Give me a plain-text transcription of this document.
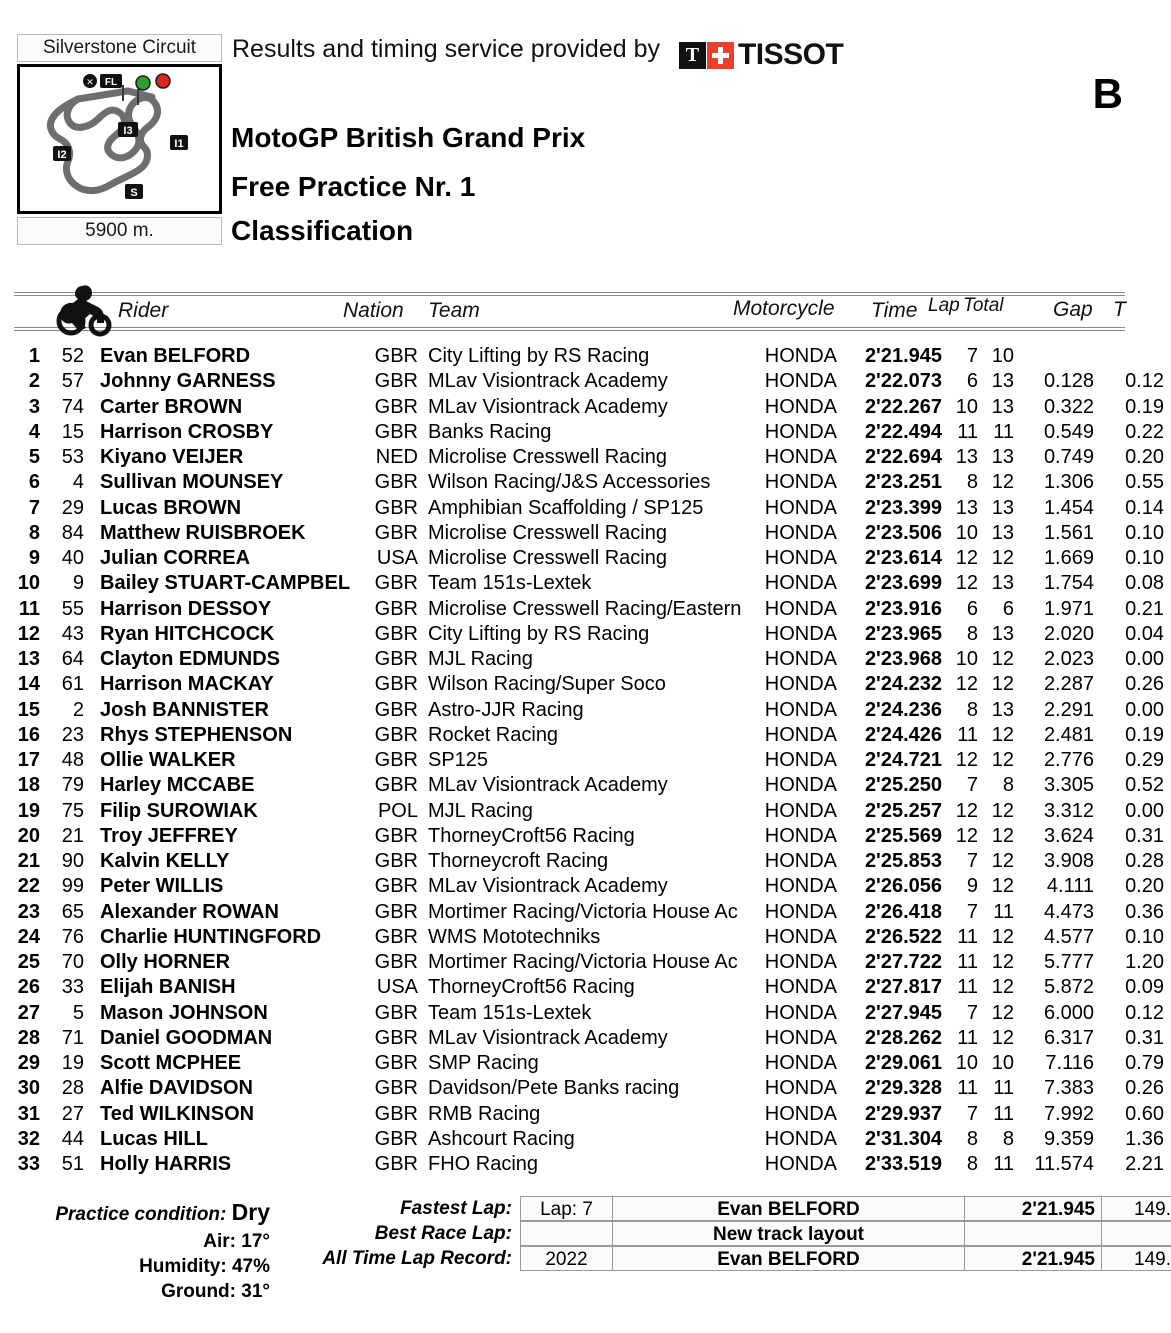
Silverstone Circuit
✕ FL
I3
I1
I2
S
5900 m.
Results and timing service provided by T TISSOT
MotoGP British Grand Prix
Free Practice Nr. 1
Classification
B
Rider	Nation Team	Motorcycle Time Lap Total Gap T
1	52 Evan BELFORD	GBR City Lifting by RS Racing	HONDA	2'21.945	7 10
2	57 Johnny GARNESS	GBR MLav Visiontrack Academy	HONDA	2'22.073	6 13	0.128	0.12
3	74 Carter BROWN	GBR MLav Visiontrack Academy	HONDA	2'22.267 10 13	0.322	0.19
4	15 Harrison CROSBY	GBR Banks Racing	HONDA	2'22.494 11 11	0.549	0.22
5	53 Kiyano VEIJER	NED Microlise Cresswell Racing	HONDA	2'22.694 13 13	0.749	0.20
6	4 Sullivan MOUNSEY	GBR Wilson Racing/J&S Accessories	HONDA	2'23.251	8 12	1.306	0.55
7	29 Lucas BROWN	GBR Amphibian Scaffolding / SP125	HONDA	2'23.399 13 13	1.454	0.14
8	84 Matthew RUISBROEK	GBR Microlise Cresswell Racing	HONDA	2'23.506 10 13	1.561	0.10
9	40 Julian CORREA	USA Microlise Cresswell Racing	HONDA	2'23.614 12 12	1.669	0.10
10	9 Bailey STUART-CAMPBEL	GBR Team 151s-Lextek	HONDA	2'23.699 12 13	1.754	0.08
11	55 Harrison DESSOY	GBR Microlise Cresswell Racing/Eastern	HONDA	2'23.916	6	6	1.971	0.21
12	43 Ryan HITCHCOCK	GBR City Lifting by RS Racing	HONDA	2'23.965	8 13	2.020	0.04
13	64 Clayton EDMUNDS	GBR MJL Racing	HONDA	2'23.968 10 12	2.023	0.00
14	61 Harrison MACKAY	GBR Wilson Racing/Super Soco	HONDA	2'24.232 12 12	2.287	0.26
15	2 Josh BANNISTER	GBR Astro-JJR Racing	HONDA	2'24.236	8 13	2.291	0.00
16	23 Rhys STEPHENSON	GBR Rocket Racing	HONDA	2'24.426 11 12	2.481	0.19
17	48 Ollie WALKER	GBR SP125	HONDA	2'24.721 12 12	2.776	0.29
18	79 Harley MCCABE	GBR MLav Visiontrack Academy	HONDA	2'25.250	7	8	3.305	0.52
19	75 Filip SUROWIAK	POL MJL Racing	HONDA	2'25.257 12 12	3.312	0.00
20	21 Troy JEFFREY	GBR ThorneyCroft56 Racing	HONDA	2'25.569 12 12	3.624	0.31
21	90 Kalvin KELLY	GBR Thorneycroft Racing	HONDA	2'25.853	7 12	3.908	0.28
22	99 Peter WILLIS	GBR MLav Visiontrack Academy	HONDA	2'26.056	9 12	4.111	0.20
23	65 Alexander ROWAN	GBR Mortimer Racing/Victoria House Ac	HONDA	2'26.418	7 11	4.473	0.36
24	76 Charlie HUNTINGFORD	GBR WMS Mototechniks	HONDA	2'26.522 11 12	4.577	0.10
25	70 Olly HORNER	GBR Mortimer Racing/Victoria House Ac	HONDA	2'27.722 11 12	5.777	1.20
26	33 Elijah BANISH	USA ThorneyCroft56 Racing	HONDA	2'27.817 11 12	5.872	0.09
27	5 Mason JOHNSON	GBR Team 151s-Lextek	HONDA	2'27.945	7 12	6.000	0.12
28	71 Daniel GOODMAN	GBR MLav Visiontrack Academy	HONDA	2'28.262 11 12	6.317	0.31
29	19 Scott MCPHEE	GBR SMP Racing	HONDA	2'29.061 10 10	7.116	0.79
30	28 Alfie DAVIDSON	GBR Davidson/Pete Banks racing	HONDA	2'29.328 11 11	7.383	0.26
31	27 Ted WILKINSON	GBR RMB Racing	HONDA	2'29.937	7 11	7.992	0.60
32	44 Lucas HILL	GBR Ashcourt Racing	HONDA	2'31.304	8	8	9.359	1.36
33	51 Holly HARRIS	GBR FHO Racing	HONDA	2'33.519	8 11 11.574	2.21
Practice condition: Dry
Air: 17°
Humidity: 47%
Ground: 31°
Fastest Lap:	Lap: 7	Evan BELFORD	2'21.945	149.
Best Race Lap:	New track layout
All Time Lap Record:	2022	Evan BELFORD	2'21.945	149.
